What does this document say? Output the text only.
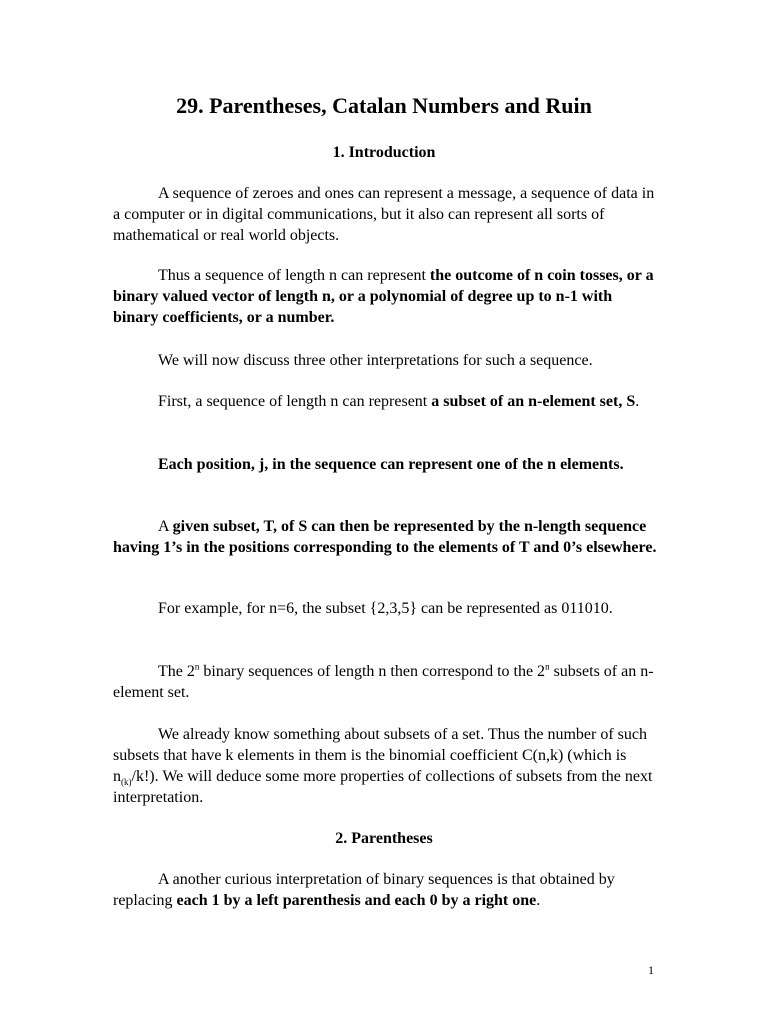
29. Parentheses, Catalan Numbers and Ruin
1. Introduction

A sequence of zeroes and ones can represent a message, a sequence of data in a computer or in digital communications, but it also can represent all sorts of mathematical or real world objects.

Thus a sequence of length n can represent the outcome of n coin tosses, or a binary valued vector of length n, or a polynomial of degree up to n-1 with binary coefficients, or a number.

We will now discuss three other interpretations for such a sequence.

First, a sequence of length n can represent a subset of an n-element set, S.

Each position, j, in the sequence can represent one of the n elements.

A given subset, T, of S can then be represented by the n-length sequence having 1’s in the positions corresponding to the elements of T and 0’s elsewhere.

For example, for n=6, the subset {2,3,5} can be represented as 011010.

The 2$^n$ binary sequences of length n then correspond to the 2$^n$ subsets of an n-element set.

We already know something about subsets of a set. Thus the number of such subsets that have k elements in them is the binomial coefficient C(n,k) (which is $n_{(k)}/k$!). We will deduce some more properties of collections of subsets from the next interpretation.

2. Parentheses

A another curious interpretation of binary sequences is that obtained by replacing each 1 by a left parenthesis and each 0 by a right one.

1
